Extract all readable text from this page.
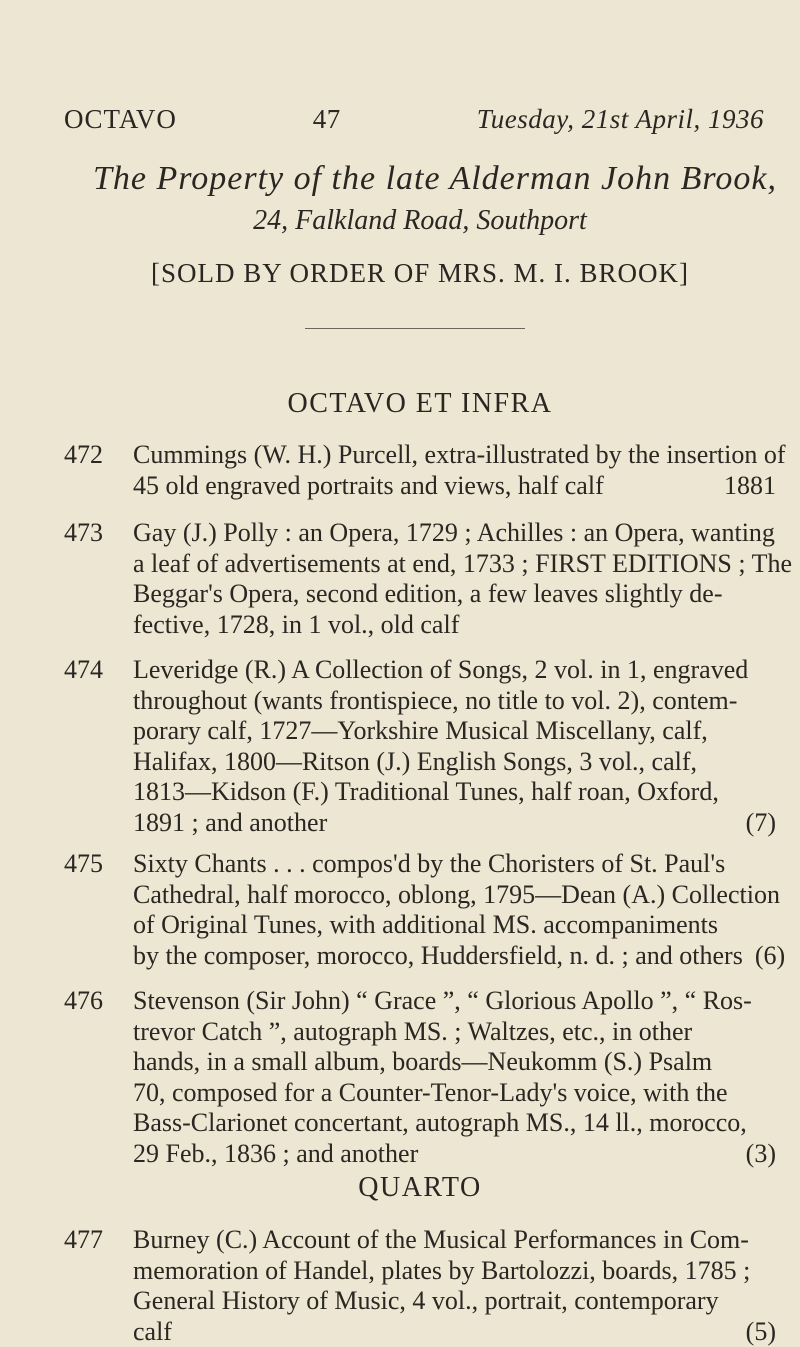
OCTAVO	47	Tuesday, 21st April, 1936
The Property of the late Alderman John Brook,
24, Falkland Road, Southport
[SOLD BY ORDER OF MRS. M. I. BROOK]
OCTAVO ET INFRA
472	Cummings (W. H.) Purcell, extra-illustrated by the insertion of
45 old engraved portraits and views, half calf	1881
473	Gay (J.) Polly : an Opera, 1729 ; Achilles : an Opera, wanting
a leaf of advertisements at end, 1733 ; FIRST EDITIONS ; The
Beggar's Opera, second edition, a few leaves slightly de-
fective, 1728, in 1 vol., old calf
474	Leveridge (R.) A Collection of Songs, 2 vol. in 1, engraved
throughout (wants frontispiece, no title to vol. 2), contem-
porary calf, 1727—Yorkshire Musical Miscellany, calf,
Halifax, 1800—Ritson (J.) English Songs, 3 vol., calf,
1813—Kidson (F.) Traditional Tunes, half roan, Oxford,
1891 ; and another	(7)
475	Sixty Chants . . . compos'd by the Choristers of St. Paul's
Cathedral, half morocco, oblong, 1795—Dean (A.) Collection
of Original Tunes, with additional MS. accompaniments
by the composer, morocco, Huddersfield, n. d. ; and others (6)
476	Stevenson (Sir John) “ Grace ”, “ Glorious Apollo ”, “ Ros-
trevor Catch ”, autograph MS. ; Waltzes, etc., in other
hands, in a small album, boards—Neukomm (S.) Psalm
70, composed for a Counter-Tenor-Lady's voice, with the
Bass-Clarionet concertant, autograph MS., 14 ll., morocco,
29 Feb., 1836 ; and another	(3)
QUARTO
477	Burney (C.) Account of the Musical Performances in Com-
memoration of Handel, plates by Bartolozzi, boards, 1785 ;
General History of Music, 4 vol., portrait, contemporary
calf	(5)
